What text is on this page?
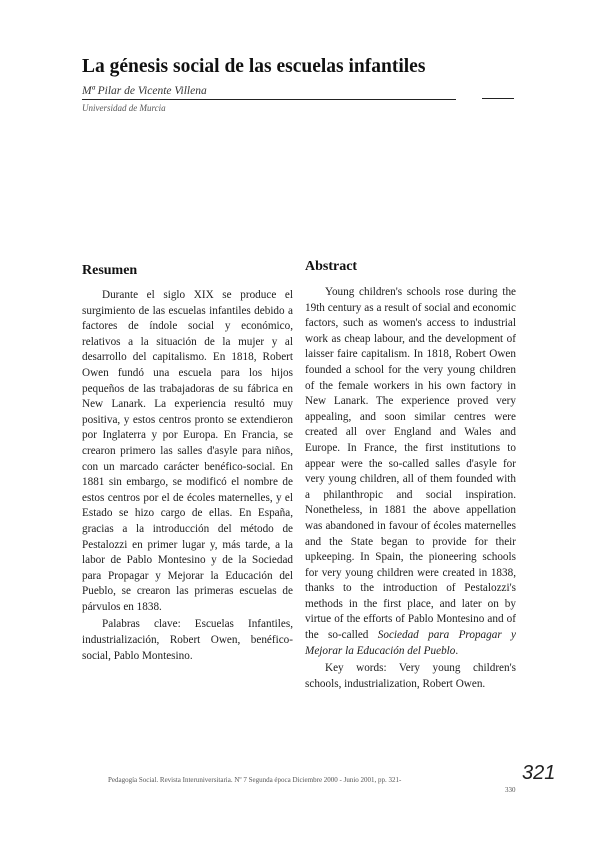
La génesis social de las escuelas infantiles
Mª Pilar de Vicente Villena
Universidad de Murcia
Resumen

Durante el siglo XIX se produce el surgimiento de las escuelas infantiles debido a factores de índole social y económico, relativos a la situación de la mujer y al desarrollo del capitalismo. En 1818, Robert Owen fundó una escuela para los hijos pequeños de las trabajadoras de su fábrica en New Lanark. La experiencia resultó muy positiva, y estos centros pronto se extendieron por Inglaterra y por Europa. En Francia, se crearon primero las salles d'asyle para niños, con un marcado carácter benéfico-social. En 1881 sin embargo, se modificó el nombre de estos centros por el de écoles maternelles, y el Estado se hizo cargo de ellas. En España, gracias a la introducción del método de Pestalozzi en primer lugar y, más tarde, a la labor de Pablo Montesino y de la Sociedad para Propagar y Mejorar la Educación del Pueblo, se crearon las primeras escuelas de párvulos en 1838.

Palabras clave: Escuelas Infantiles, industrialización, Robert Owen, benéfico-social, Pablo Montesino.

Abstract

Young children's schools rose during the 19th century as a result of social and economic factors, such as women's access to industrial work as cheap labour, and the development of laisser faire capitalism. In 1818, Robert Owen founded a school for the very young children of the female workers in his own factory in New Lanark. The experience proved very appealing, and soon similar centres were created all over England and Wales and Europe. In France, the first institutions to appear were the so-called salles d'asyle for very young children, all of them founded with a philanthropic and social inspiration. Nonetheless, in 1881 the above appellation was abandoned in favour of écoles maternelles and the State began to provide for their upkeeping. In Spain, the pioneering schools for very young children were created in 1838, thanks to the introduction of Pestalozzi's methods in the first place, and later on by virtue of the efforts of Pablo Montesino and of the so-called Sociedad para Propagar y Mejorar la Educación del Pueblo.

Key words: Very young children's schools, industrialization, Robert Owen.

Pedagogía Social. Revista Interuniversitaria. Nº 7 Segunda época Diciembre 2000 - Junio 2001, pp. 321-
330
321
